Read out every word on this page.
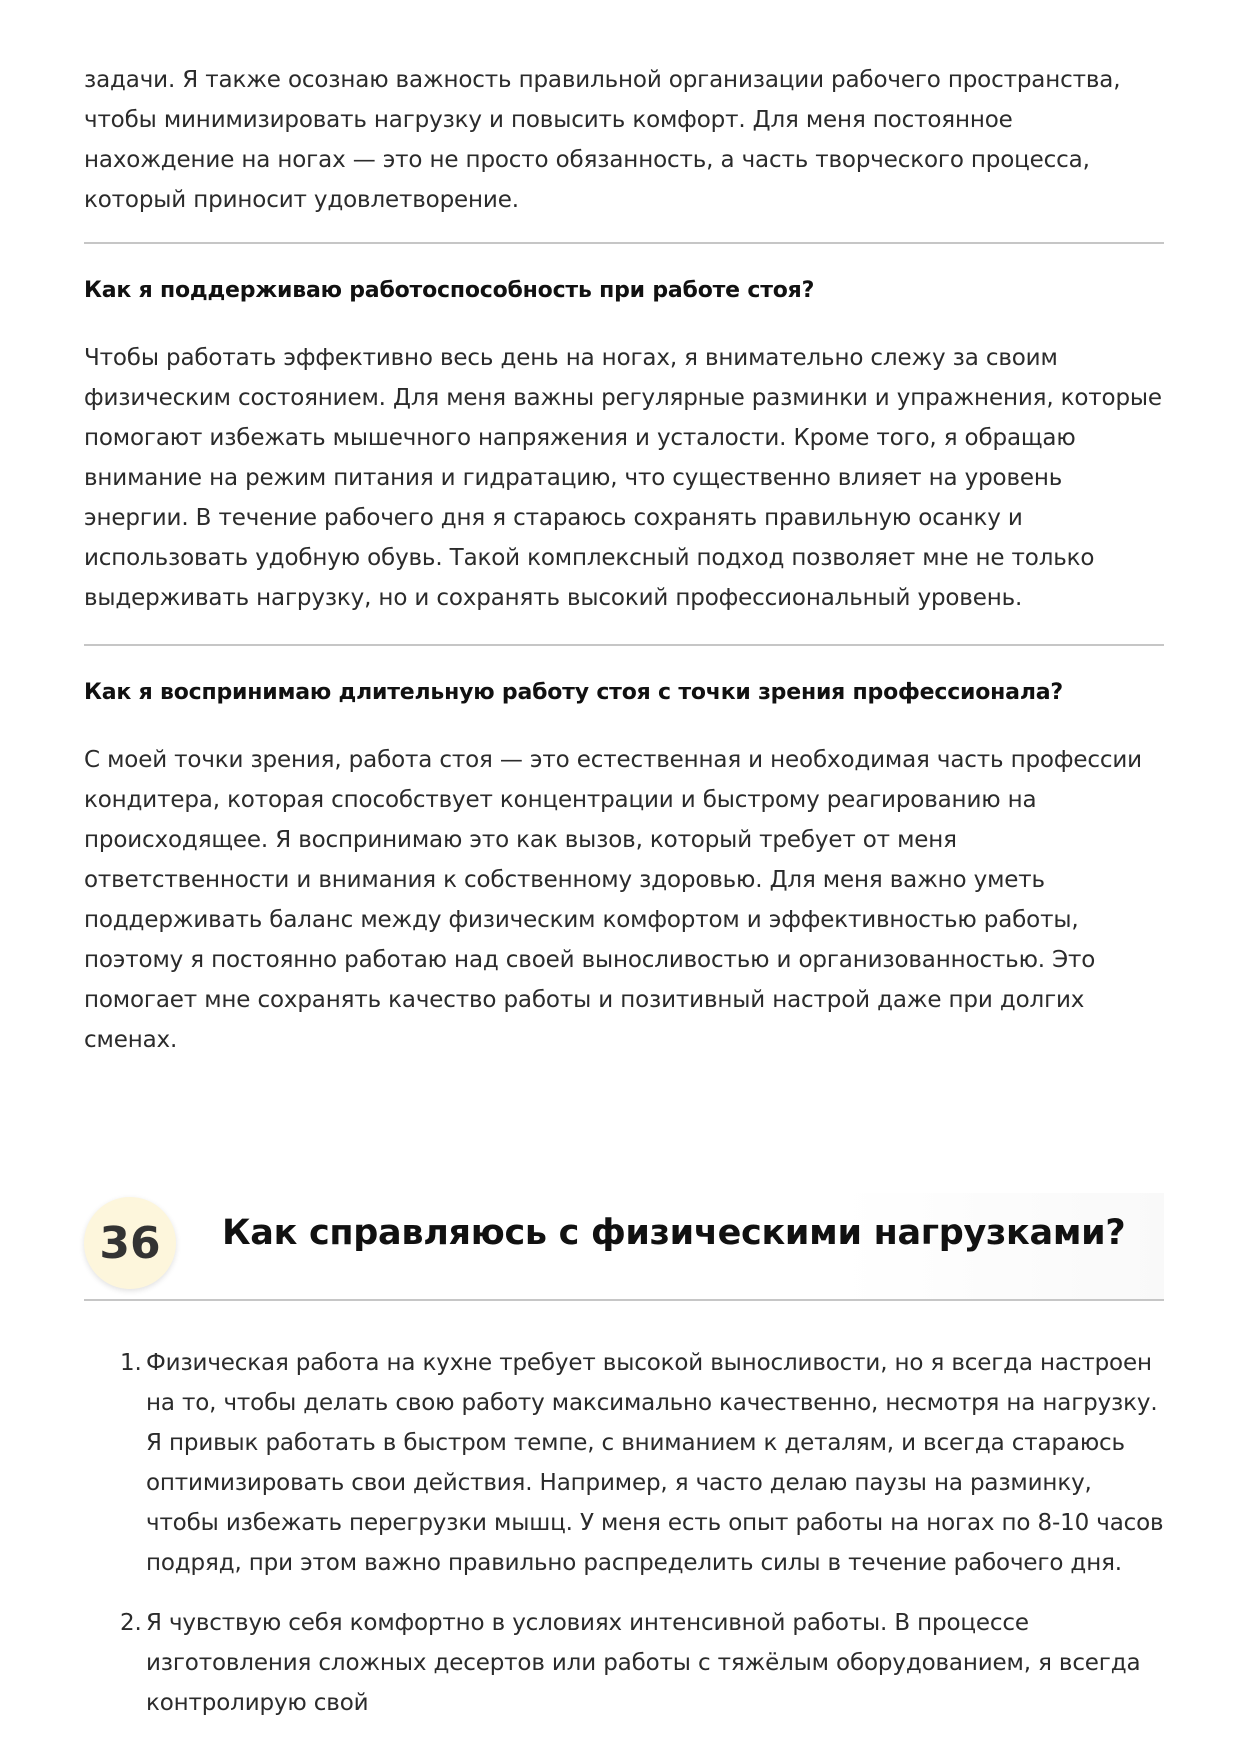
задачи. Я также осознаю важность правильной организации рабочего пространства, чтобы минимизировать нагрузку и повысить комфорт. Для меня постоянное нахождение на ногах — это не просто обязанность, а часть творческого процесса, который приносит удовлетворение.

Как я поддерживаю работоспособность при работе стоя?

Чтобы работать эффективно весь день на ногах, я внимательно слежу за своим физическим состоянием. Для меня важны регулярные разминки и упражнения, которые помогают избежать мышечного напряжения и усталости. Кроме того, я обращаю внимание на режим питания и гидратацию, что существенно влияет на уровень энергии. В течение рабочего дня я стараюсь сохранять правильную осанку и использовать удобную обувь. Такой комплексный подход позволяет мне не только выдерживать нагрузку, но и сохранять высокий профессиональный уровень.

Как я воспринимаю длительную работу стоя с точки зрения профессионала?

С моей точки зрения, работа стоя — это естественная и необходимая часть профессии кондитера, которая способствует концентрации и быстрому реагированию на происходящее. Я воспринимаю это как вызов, который требует от меня ответственности и внимания к собственному здоровью. Для меня важно уметь поддерживать баланс между физическим комфортом и эффективностью работы, поэтому я постоянно работаю над своей выносливостью и организованностью. Это помогает мне сохранять качество работы и позитивный настрой даже при долгих сменах.

36	Как справляюсь с физическими нагрузками?
1. Физическая работа на кухне требует высокой выносливости, но я всегда настроен на то, чтобы делать свою работу максимально качественно, несмотря на нагрузку. Я привык работать в быстром темпе, с вниманием к деталям, и всегда стараюсь оптимизировать свои действия. Например, я часто делаю паузы на разминку, чтобы избежать перегрузки мышц. У меня есть опыт работы на ногах по 8-10 часов подряд, при этом важно правильно распределить силы в течение рабочего дня.
2. Я чувствую себя комфортно в условиях интенсивной работы. В процессе изготовления сложных десертов или работы с тяжёлым оборудованием, я всегда контролирую свой
